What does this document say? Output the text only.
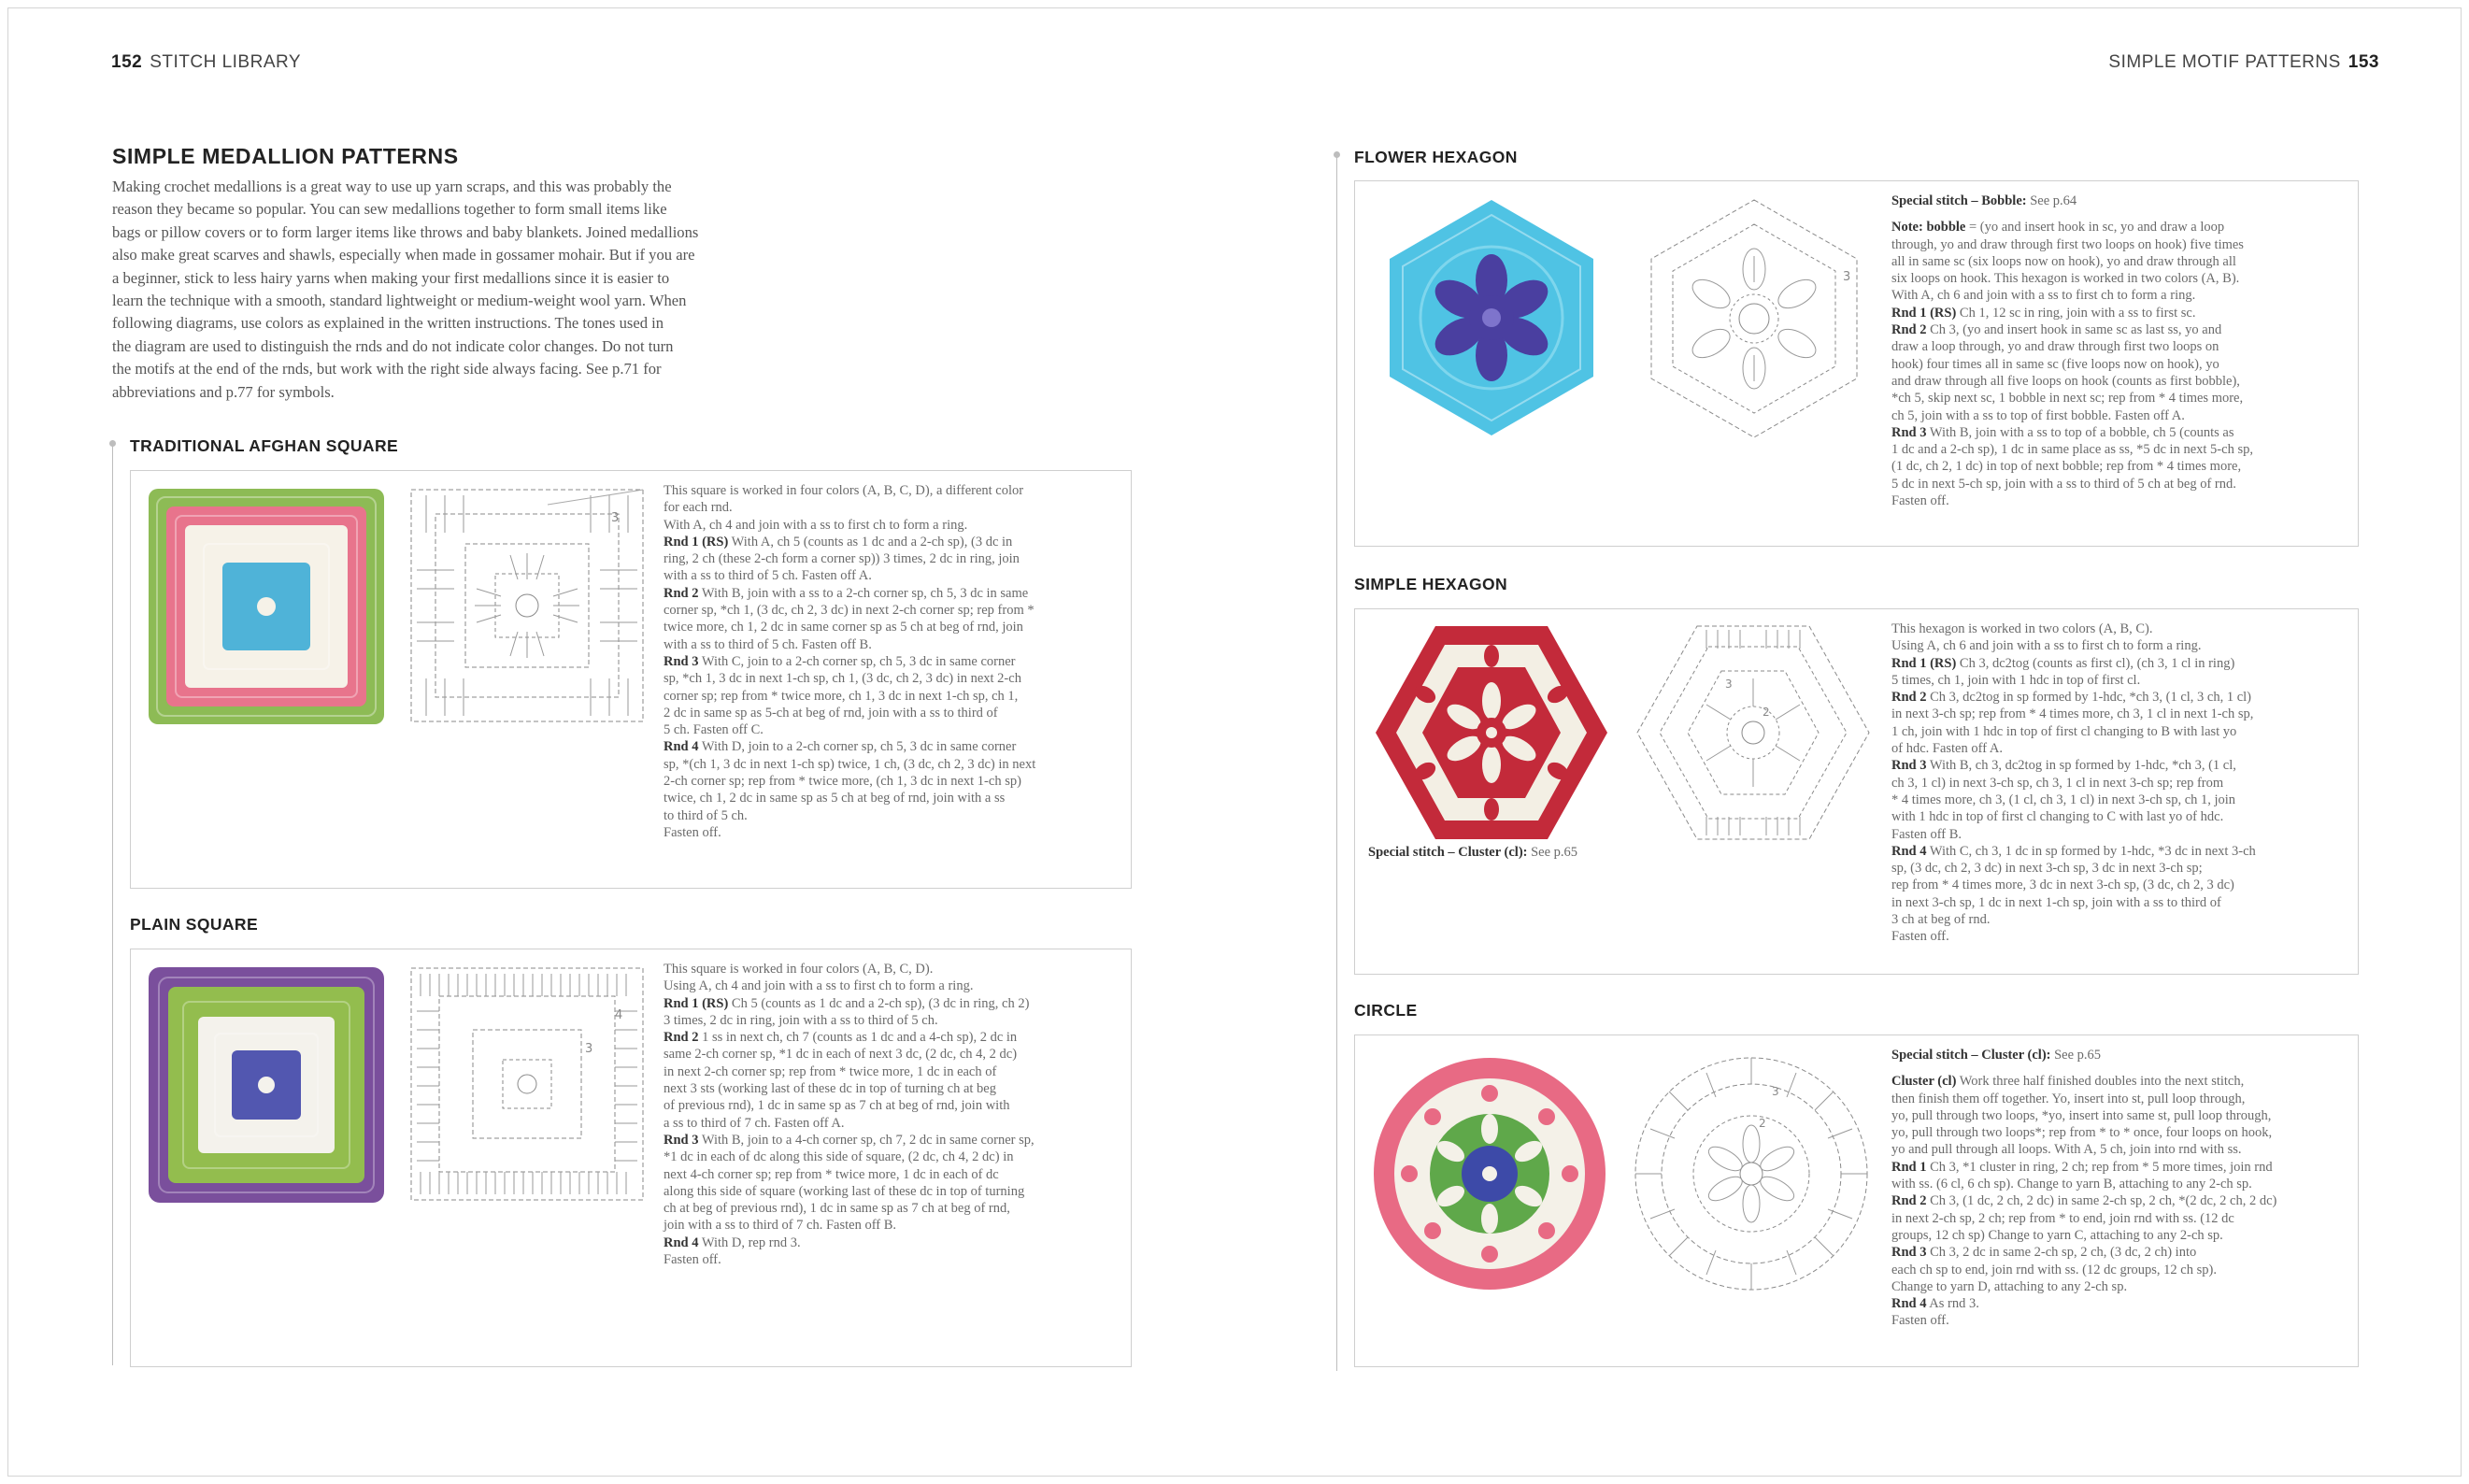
152 STITCH LIBRARY	SIMPLE MOTIF PATTERNS 153
SIMPLE MEDALLION PATTERNS
Making crochet medallions is a great way to use up yarn scraps, and this was probably the
reason they became so popular. You can sew medallions together to form small items like
bags or pillow covers or to form larger items like throws and baby blankets. Joined medallions
also make great scarves and shawls, especially when made in gossamer mohair. But if you are
a beginner, stick to less hairy yarns when making your first medallions since it is easier to
learn the technique with a smooth, standard lightweight or medium-weight wool yarn. When
following diagrams, use colors as explained in the written instructions. The tones used in
the diagram are used to distinguish the rnds and do not indicate color changes. Do not turn
the motifs at the end of the rnds, but work with the right side always facing. See p.71 for
abbreviations and p.77 for symbols.
TRADITIONAL AFGHAN SQUARE
3

This square is worked in four colors (A, B, C, D), a different color

for each rnd.

With A, ch 4 and join with a ss to first ch to form a ring.

Rnd 1 (RS) With A, ch 5 (counts as 1 dc and a 2-ch sp), (3 dc in

ring, 2 ch (these 2-ch form a corner sp)) 3 times, 2 dc in ring, join

with a ss to third of 5 ch. Fasten off A.

Rnd 2 With B, join with a ss to a 2-ch corner sp, ch 5, 3 dc in same

corner sp, *ch 1, (3 dc, ch 2, 3 dc) in next 2-ch corner sp; rep from *

twice more, ch 1, 2 dc in same corner sp as 5 ch at beg of rnd, join

with a ss to third of 5 ch. Fasten off B.

Rnd 3 With C, join to a 2-ch corner sp, ch 5, 3 dc in same corner

sp, *ch 1, 3 dc in next 1-ch sp, ch 1, (3 dc, ch 2, 3 dc) in next 2-ch

corner sp; rep from * twice more, ch 1, 3 dc in next 1-ch sp, ch 1,

2 dc in same sp as 5-ch at beg of rnd, join with a ss to third of

5 ch. Fasten off C.

Rnd 4 With D, join to a 2-ch corner sp, ch 5, 3 dc in same corner

sp, *(ch 1, 3 dc in next 1-ch sp) twice, 1 ch, (3 dc, ch 2, 3 dc) in next

2-ch corner sp; rep from * twice more, (ch 1, 3 dc in next 1-ch sp)

twice, ch 1, 2 dc in same sp as 5 ch at beg of rnd, join with a ss

to third of 5 ch.

Fasten off.

PLAIN SQUARE
4
3

This square is worked in four colors (A, B, C, D).

Using A, ch 4 and join with a ss to first ch to form a ring.

Rnd 1 (RS) Ch 5 (counts as 1 dc and a 2-ch sp), (3 dc in ring, ch 2)

3 times, 2 dc in ring, join with a ss to third of 5 ch.

Rnd 2 1 ss in next ch, ch 7 (counts as 1 dc and a 4-ch sp), 2 dc in

same 2-ch corner sp, *1 dc in each of next 3 dc, (2 dc, ch 4, 2 dc)

in next 2-ch corner sp; rep from * twice more, 1 dc in each of

next 3 sts (working last of these dc in top of turning ch at beg

of previous rnd), 1 dc in same sp as 7 ch at beg of rnd, join with

a ss to third of 7 ch. Fasten off A.

Rnd 3 With B, join to a 4-ch corner sp, ch 7, 2 dc in same corner sp,

*1 dc in each of dc along this side of square, (2 dc, ch 4, 2 dc) in

next 4-ch corner sp; rep from * twice more, 1 dc in each of dc

along this side of square (working last of these dc in top of turning

ch at beg of previous rnd), 1 dc in same sp as 7 ch at beg of rnd,

join with a ss to third of 7 ch. Fasten off B.

Rnd 4 With D, rep rnd 3.

Fasten off.

FLOWER HEXAGON
3

Special stitch – Bobble: See p.64

Note: bobble = (yo and insert hook in sc, yo and draw a loop

through, yo and draw through first two loops on hook) five times

all in same sc (six loops now on hook), yo and draw through all

six loops on hook. This hexagon is worked in two colors (A, B).

With A, ch 6 and join with a ss to first ch to form a ring.

Rnd 1 (RS) Ch 1, 12 sc in ring, join with a ss to first sc.

Rnd 2 Ch 3, (yo and insert hook in same sc as last ss, yo and

draw a loop through, yo and draw through first two loops on

hook) four times all in same sc (five loops now on hook), yo

and draw through all five loops on hook (counts as first bobble),

*ch 5, skip next sc, 1 bobble in next sc; rep from * 4 times more,

ch 5, join with a ss to top of first bobble. Fasten off A.

Rnd 3 With B, join with a ss to top of a bobble, ch 5 (counts as

1 dc and a 2-ch sp), 1 dc in same place as ss, *5 dc in next 5-ch sp,

(1 dc, ch 2, 1 dc) in top of next bobble; rep from * 4 times more,

5 dc in next 5-ch sp, join with a ss to third of 5 ch at beg of rnd.

Fasten off.

SIMPLE HEXAGON
Special stitch – Cluster (cl): See p.65
3
2

This hexagon is worked in two colors (A, B, C).

Using A, ch 6 and join with a ss to first ch to form a ring.

Rnd 1 (RS) Ch 3, dc2tog (counts as first cl), (ch 3, 1 cl in ring)

5 times, ch 1, join with 1 hdc in top of first cl.

Rnd 2 Ch 3, dc2tog in sp formed by 1-hdc, *ch 3, (1 cl, 3 ch, 1 cl)

in next 3-ch sp; rep from * 4 times more, ch 3, 1 cl in next 1-ch sp,

1 ch, join with 1 hdc in top of first cl changing to B with last yo

of hdc. Fasten off A.

Rnd 3 With B, ch 3, dc2tog in sp formed by 1-hdc, *ch 3, (1 cl,

ch 3, 1 cl) in next 3-ch sp, ch 3, 1 cl in next 3-ch sp; rep from

* 4 times more, ch 3, (1 cl, ch 3, 1 cl) in next 3-ch sp, ch 1, join

with 1 hdc in top of first cl changing to C with last yo of hdc.

Fasten off B.

Rnd 4 With C, ch 3, 1 dc in sp formed by 1-hdc, *3 dc in next 3-ch

sp, (3 dc, ch 2, 3 dc) in next 3-ch sp, 3 dc in next 3-ch sp;

rep from * 4 times more, 3 dc in next 3-ch sp, (3 dc, ch 2, 3 dc)

in next 3-ch sp, 1 dc in next 1-ch sp, join with a ss to third of

3 ch at beg of rnd.

Fasten off.

CIRCLE
3
2

Special stitch – Cluster (cl): See p.65

Cluster (cl) Work three half finished doubles into the next stitch,

then finish them off together. Yo, insert into st, pull loop through,

yo, pull through two loops, *yo, insert into same st, pull loop through,

yo, pull through two loops*; rep from * to * once, four loops on hook,

yo and pull through all loops. With A, 5 ch, join into rnd with ss.

Rnd 1 Ch 3, *1 cluster in ring, 2 ch; rep from * 5 more times, join rnd

with ss. (6 cl, 6 ch sp). Change to yarn B, attaching to any 2-ch sp.

Rnd 2 Ch 3, (1 dc, 2 ch, 2 dc) in same 2-ch sp, 2 ch, *(2 dc, 2 ch, 2 dc)

in next 2-ch sp, 2 ch; rep from * to end, join rnd with ss. (12 dc

groups, 12 ch sp) Change to yarn C, attaching to any 2-ch sp.

Rnd 3 Ch 3, 2 dc in same 2-ch sp, 2 ch, (3 dc, 2 ch) into

each ch sp to end, join rnd with ss. (12 dc groups, 12 ch sp).

Change to yarn D, attaching to any 2-ch sp.

Rnd 4 As rnd 3.

Fasten off.
